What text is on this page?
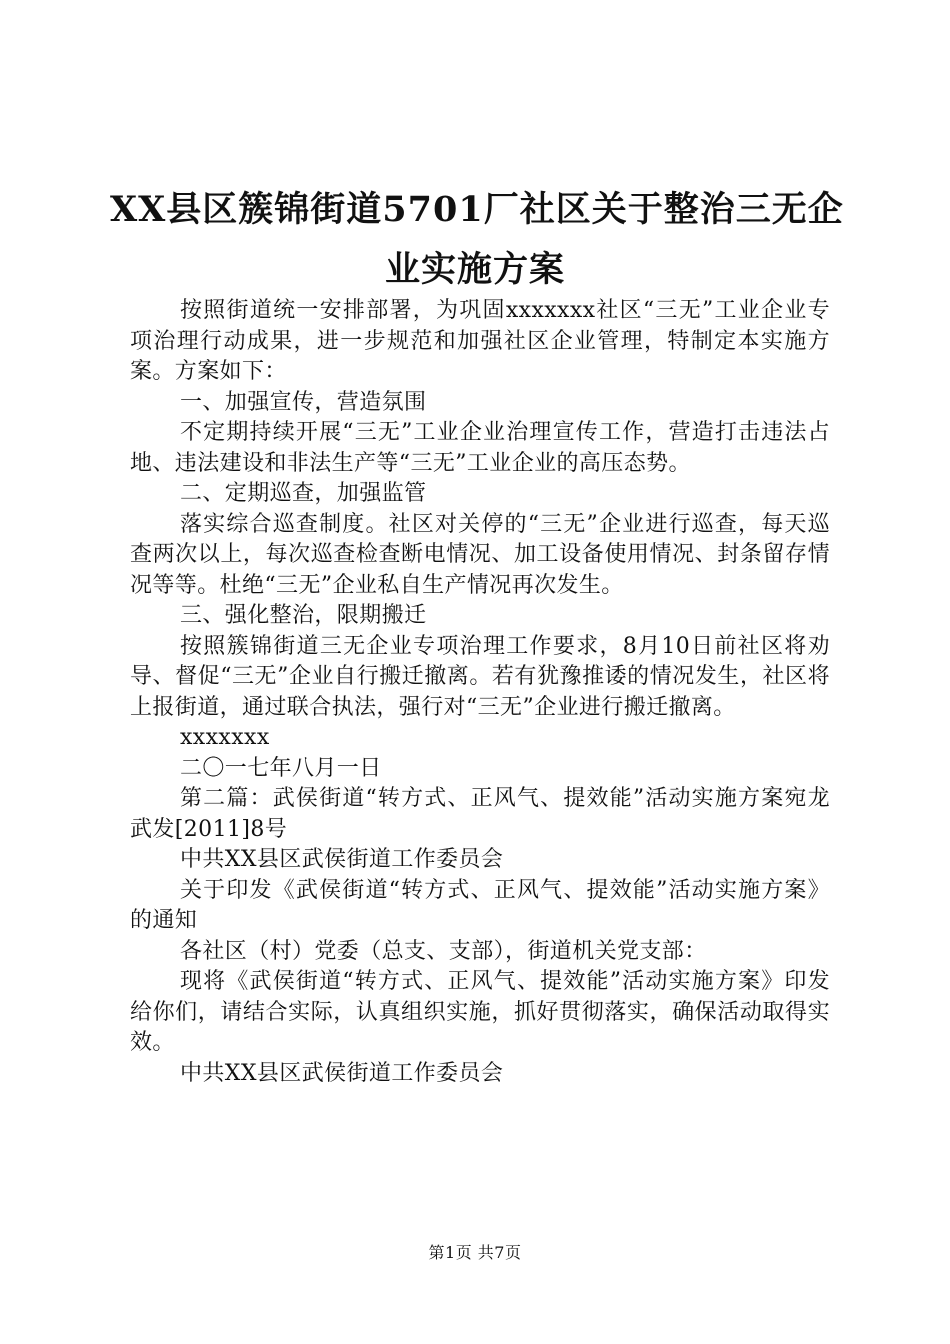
XX县区簇锦街道5701厂社区关于整治三无企
业实施方案

按照街道统一安排部署，为巩固xxxxxxx社区“三无”工业企业专项治理行动成果，进一步规范和加强社区企业管理，特制定本实施方案。方案如下：

一、加强宣传，营造氛围

不定期持续开展“三无”工业企业治理宣传工作，营造打击违法占地、违法建设和非法生产等“三无”工业企业的高压态势。

二、定期巡查，加强监管

落实综合巡查制度。社区对关停的“三无”企业进行巡查，每天巡查两次以上，每次巡查检查断电情况、加工设备使用情况、封条留存情况等等。杜绝“三无”企业私自生产情况再次发生。

三、强化整治，限期搬迁

按照簇锦街道三无企业专项治理工作要求，8月10日前社区将劝导、督促“三无”企业自行搬迁撤离。若有犹豫推诿的情况发生，社区将上报街道，通过联合执法，强行对“三无”企业进行搬迁撤离。

xxxxxxx

二〇一七年八月一日

第二篇：武侯街道“转方式、正风气、提效能”活动实施方案宛龙武发[2011]8号

中共XX县区武侯街道工作委员会

关于印发《武侯街道“转方式、正风气、提效能”活动实施方案》的通知

各社区（村）党委（总支、支部），街道机关党支部：

现将《武侯街道“转方式、正风气、提效能”活动实施方案》印发给你们，请结合实际，认真组织实施，抓好贯彻落实，确保活动取得实效。

中共XX县区武侯街道工作委员会

第1页 共7页
